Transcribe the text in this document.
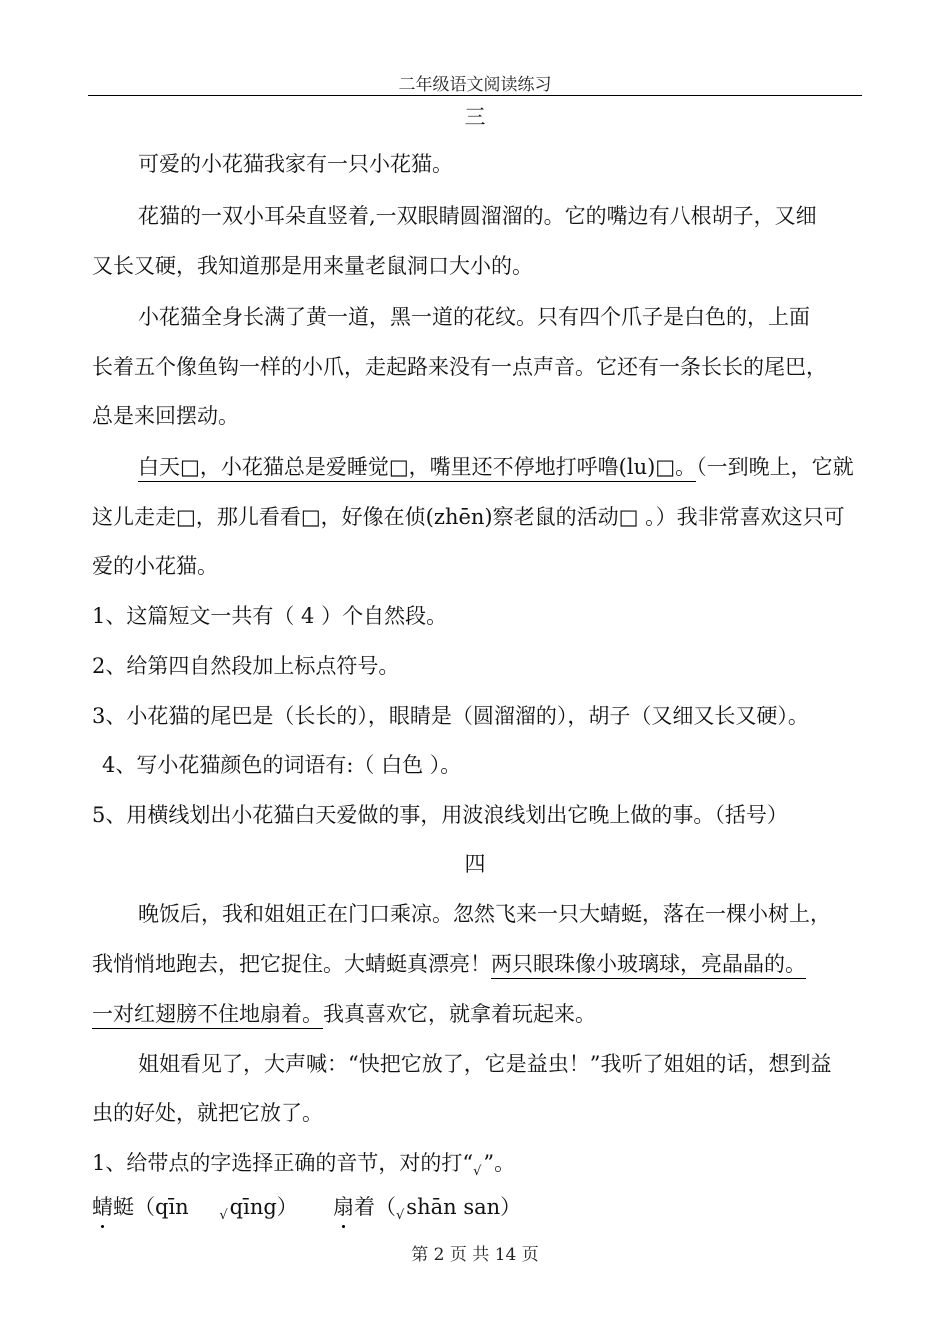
二年级语文阅读练习
三
可爱的小花猫我家有一只小花猫。
花猫的一双小耳朵直竖着,一双眼睛圆溜溜的。它的嘴边有八根胡子，又细
又长又硬，我知道那是用来量老鼠洞口大小的。
小花猫全身长满了黄一道，黑一道的花纹。只有四个爪子是白色的，上面
长着五个像鱼钩一样的小爪，走起路来没有一点声音。它还有一条长长的尾巴，
总是来回摆动。
白天□，小花猫总是爱睡觉□，嘴里还不停地打呼噜(lu)□。（一到晚上，它就
这儿走走□，那儿看看□，好像在侦(zhēn)察老鼠的活动□ 。）我非常喜欢这只可
爱的小花猫。
1、这篇短文一共有（ 4 ）个自然段。
2、给第四自然段加上标点符号。
3、小花猫的尾巴是（长长的），眼睛是（圆溜溜的），胡子（又细又长又硬）。
4、写小花猫颜色的词语有:（ 白色 ）。
5、用横线划出小花猫白天爱做的事，用波浪线划出它晚上做的事。（括号）
四
晚饭后，我和姐姐正在门口乘凉。忽然飞来一只大蜻蜓，落在一棵小树上，
我悄悄地跑去，把它捉住。大蜻蜓真漂亮！两只眼珠像小玻璃球，亮晶晶的。
一对红翅膀不住地扇着。我真喜欢它，就拿着玩起来。
姐姐看见了，大声喊：“快把它放了，它是益虫！”我听了姐姐的话，想到益
虫的好处，就把它放了。
1、给带点的字选择正确的音节，对的打“$_√$”。
蜻蜓（qīn $_√$qīng） 扇着（$_√shān$ san）
第 2 页 共 14 页
